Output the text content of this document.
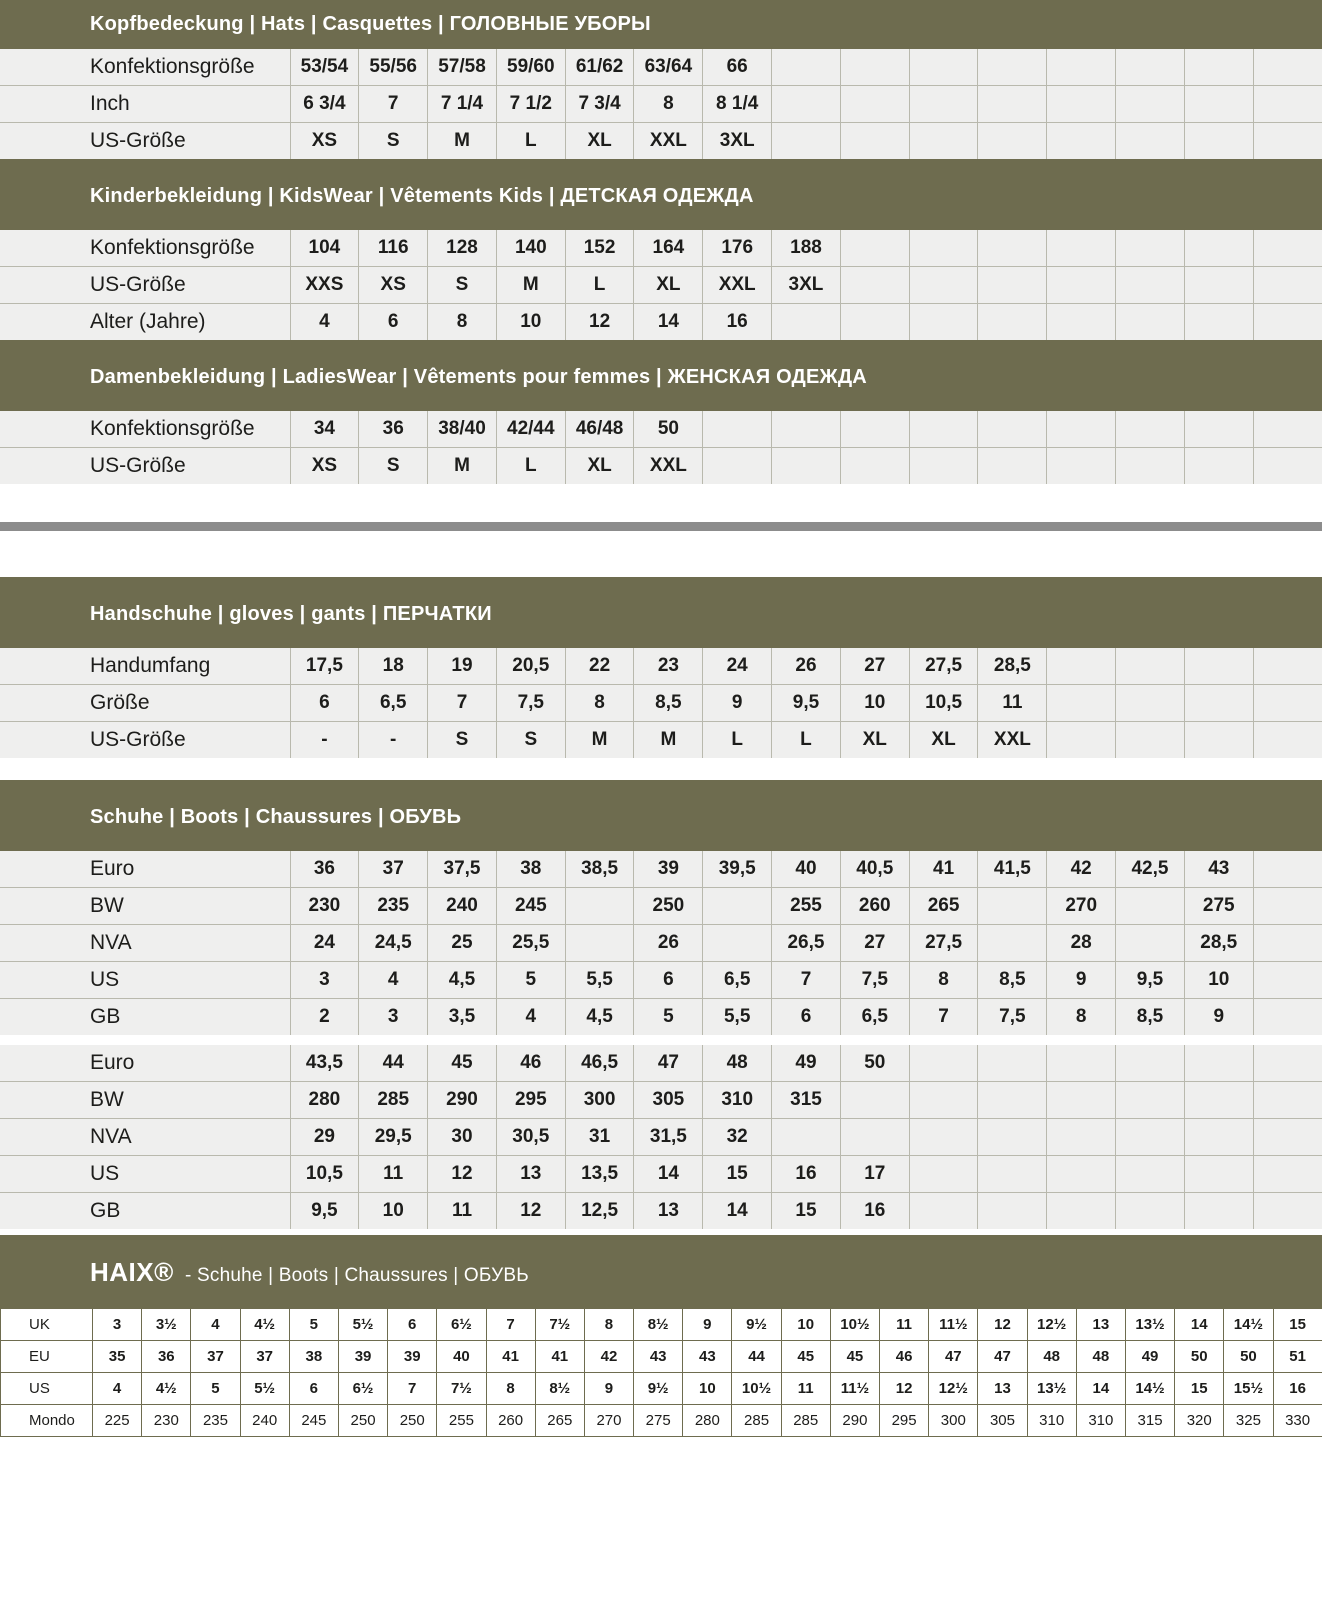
Kopfbedeckung | Hats | Casquettes | ГОЛОВНЫЕ УБОРЫ
Konfektionsgröße	53/54	55/56	57/58	59/60	61/62	63/64	66								
Inch	6 3/4	7	7 1/4	7 1/2	7 3/4	8	8 1/4								
US-Größe	XS	S	M	L	XL	XXL	3XL								
Kinderbekleidung | KidsWear | Vêtements Kids | ДЕТСКАЯ ОДЕЖДА
Konfektionsgröße	104	116	128	140	152	164	176	188							
US-Größe	XXS	XS	S	M	L	XL	XXL	3XL							
Alter (Jahre)	4	6	8	10	12	14	16								
Damenbekleidung | LadiesWear | Vêtements pour femmes | ЖЕНСКАЯ ОДЕЖДА
Konfektionsgröße	34	36	38/40	42/44	46/48	50									
US-Größe	XS	S	M	L	XL	XXL									
Handschuhe | gloves | gants | ПЕРЧАТКИ
Handumfang	17,5	18	19	20,5	22	23	24	26	27	27,5	28,5				
Größe	6	6,5	7	7,5	8	8,5	9	9,5	10	10,5	11				
US-Größe	-	-	S	S	M	M	L	L	XL	XL	XXL				
Schuhe | Boots | Chaussures | ОБУВЬ
Euro	36	37	37,5	38	38,5	39	39,5	40	40,5	41	41,5	42	42,5	43	
BW	230	235	240	245		250		255	260	265		270		275	
NVA	24	24,5	25	25,5		26		26,5	27	27,5		28		28,5	
US	3	4	4,5	5	5,5	6	6,5	7	7,5	8	8,5	9	9,5	10	
GB	2	3	3,5	4	4,5	5	5,5	6	6,5	7	7,5	8	8,5	9	
Euro	43,5	44	45	46	46,5	47	48	49	50						
BW	280	285	290	295	300	305	310	315							
NVA	29	29,5	30	30,5	31	31,5	32								
US	10,5	11	12	13	13,5	14	15	16	17						
GB	9,5	10	11	12	12,5	13	14	15	16						
HAIX® - Schuhe | Boots | Chaussures | ОБУВЬ
UK	3	3½	4	4½	5	5½	6	6½	7	7½	8	8½	9	9½	10	10½	11	11½	12	12½	13	13½	14	14½	15
EU	35	36	37	37	38	39	39	40	41	41	42	43	43	44	45	45	46	47	47	48	48	49	50	50	51
US	4	4½	5	5½	6	6½	7	7½	8	8½	9	9½	10	10½	11	11½	12	12½	13	13½	14	14½	15	15½	16
Mondo	225	230	235	240	245	250	250	255	260	265	270	275	280	285	285	290	295	300	305	310	310	315	320	325	330
